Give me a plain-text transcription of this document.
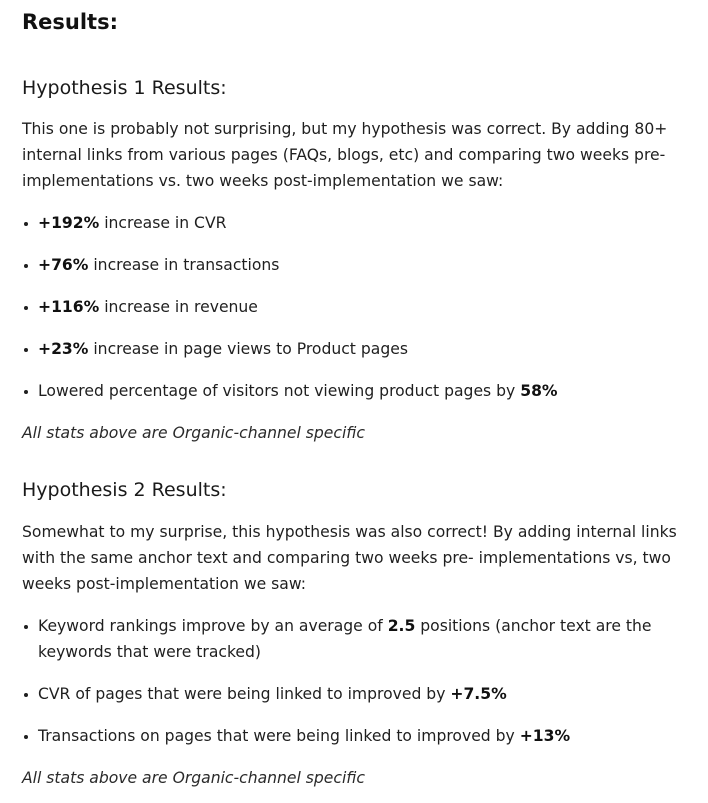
Results:
Hypothesis 1 Results:

This one is probably not surprising, but my hypothesis was correct. By adding 80+ internal links from various pages (FAQs, blogs, etc) and comparing two weeks pre- implementations vs. two weeks post-implementation we saw:

+192% increase in CVR
+76% increase in transactions
+116% increase in revenue
+23% increase in page views to Product pages
Lowered percentage of visitors not viewing product pages by 58%

All stats above are Organic-channel specific

Hypothesis 2 Results:

Somewhat to my surprise, this hypothesis was also correct! By adding internal links with the same anchor text and comparing two weeks pre- implementations vs, two weeks post-implementation we saw:

Keyword rankings improve by an average of 2.5 positions (anchor text are the keywords that were tracked)
CVR of pages that were being linked to improved by +7.5%
Transactions on pages that were being linked to improved by +13%

All stats above are Organic-channel specific
